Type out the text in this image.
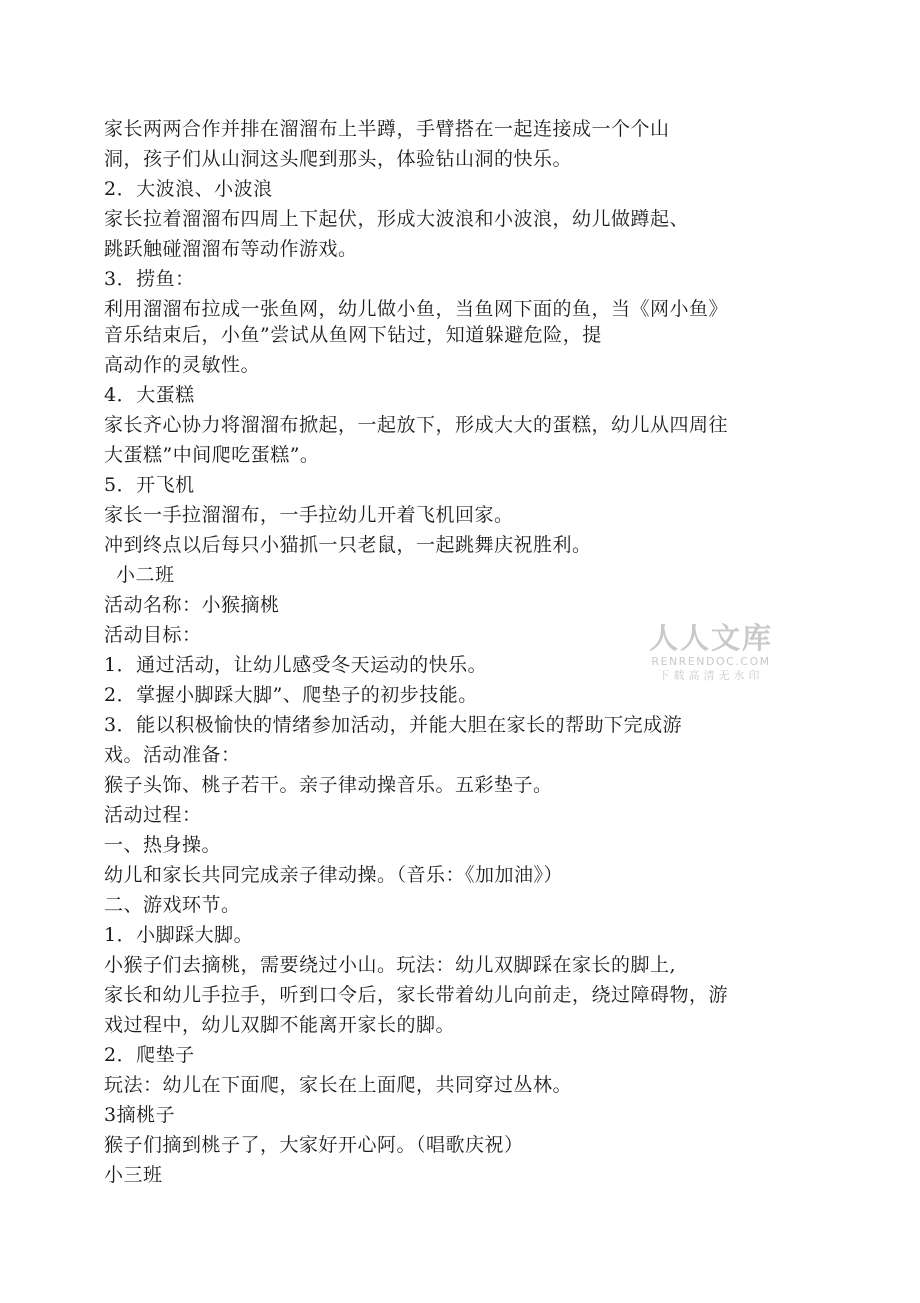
家长两两合作并排在溜溜布上半蹲，手臂搭在一起连接成一个个山
洞，孩子们从山洞这头爬到那头，体验钻山洞的快乐。
2．大波浪、小波浪
家长拉着溜溜布四周上下起伏，形成大波浪和小波浪，幼儿做蹲起、
跳跃触碰溜溜布等动作游戏。
3．捞鱼：
利用溜溜布拉成一张鱼网，幼儿做小鱼，当鱼网下面的鱼，当《网小鱼》
音乐结束后，小鱼”尝试从鱼网下钻过，知道躲避危险，提
高动作的灵敏性。
4．大蛋糕
家长齐心协力将溜溜布掀起，一起放下，形成大大的蛋糕，幼儿从四周往
大蛋糕”中间爬吃蛋糕”。
5．开飞机
家长一手拉溜溜布，一手拉幼儿开着飞机回家。
冲到终点以后每只小猫抓一只老鼠，一起跳舞庆祝胜利。
小二班
活动名称：小猴摘桃
活动目标：
1．通过活动，让幼儿感受冬天运动的快乐。
2．掌握小脚踩大脚”、爬垫子的初步技能。
3．能以积极愉快的情绪参加活动，并能大胆在家长的帮助下完成游
戏。活动准备：
猴子头饰、桃子若干。亲子律动操音乐。五彩垫子。
活动过程：
一、热身操。
幼儿和家长共同完成亲子律动操。（音乐：《加加油》）
二、游戏环节。
1．小脚踩大脚。
小猴子们去摘桃，需要绕过小山。玩法：幼儿双脚踩在家长的脚上,
家长和幼儿手拉手，听到口令后，家长带着幼儿向前走，绕过障碍物，游
戏过程中，幼儿双脚不能离开家长的脚。
2．爬垫子
玩法：幼儿在下面爬，家长在上面爬，共同穿过丛林。
3摘桃子
猴子们摘到桃子了，大家好开心阿。（唱歌庆祝）
小三班
人人文库
RENRENDOC.COM
下载高清无水印
